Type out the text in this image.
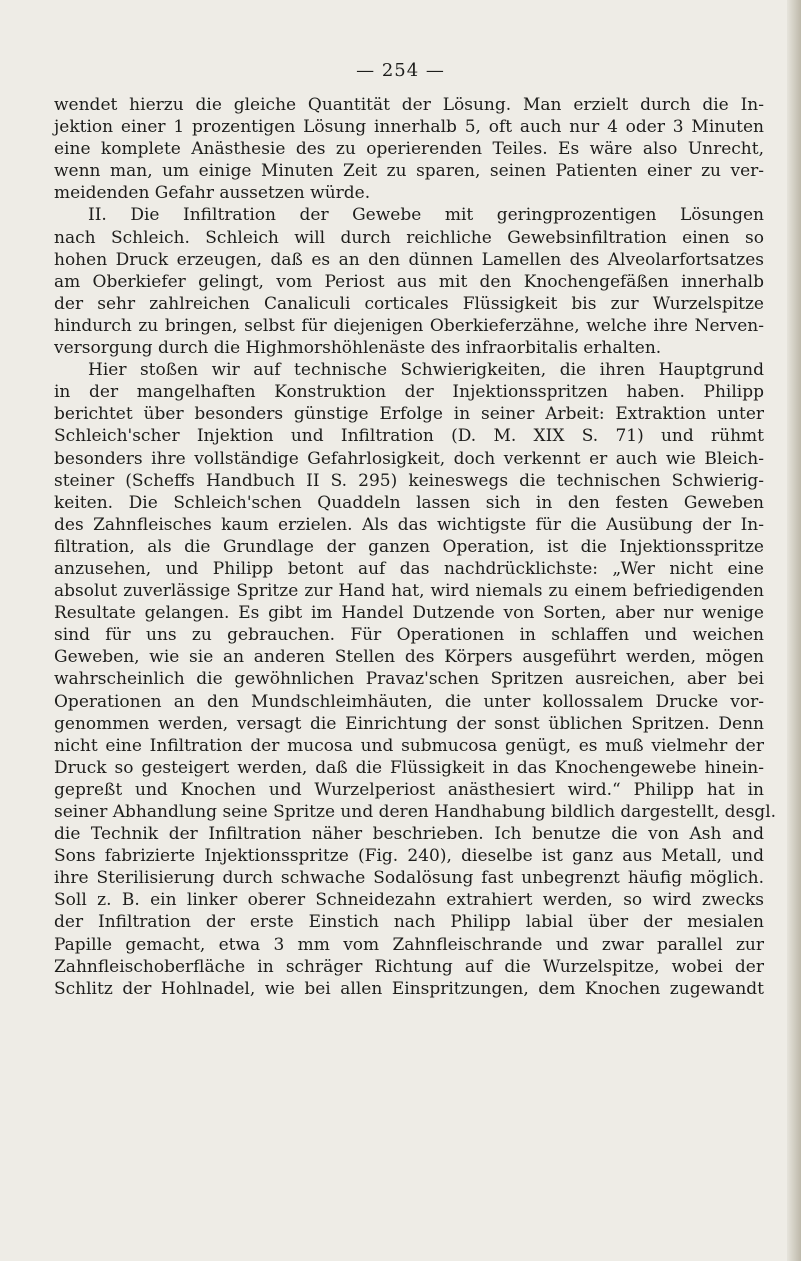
— 254 —
wendet hierzu die gleiche Quantität der Lösung. Man erzielt durch die In-
jektion einer 1 prozentigen Lösung innerhalb 5, oft auch nur 4 oder 3 Minuten
eine komplete Anästhesie des zu operierenden Teiles. Es wäre also Unrecht,
wenn man, um einige Minuten Zeit zu sparen, seinen Patienten einer zu ver-
meidenden Gefahr aussetzen würde.
II. Die Infiltration der Gewebe mit geringprozentigen Lösungen
nach Schleich. Schleich will durch reichliche Gewebsinfiltration einen so
hohen Druck erzeugen, daß es an den dünnen Lamellen des Alveolarfortsatzes
am Oberkiefer gelingt, vom Periost aus mit den Knochengefäßen innerhalb
der sehr zahlreichen Canaliculi corticales Flüssigkeit bis zur Wurzelspitze
hindurch zu bringen, selbst für diejenigen Oberkieferzähne, welche ihre Nerven-
versorgung durch die Highmorshöhlenäste des infraorbitalis erhalten.
Hier stoßen wir auf technische Schwierigkeiten, die ihren Hauptgrund
in der mangelhaften Konstruktion der Injektionsspritzen haben. Philipp
berichtet über besonders günstige Erfolge in seiner Arbeit: Extraktion unter
Schleich'scher Injektion und Infiltration (D. M. XIX S. 71) und rühmt
besonders ihre vollständige Gefahrlosigkeit, doch verkennt er auch wie Bleich-
steiner (Scheffs Handbuch II S. 295) keineswegs die technischen Schwierig-
keiten. Die Schleich'schen Quaddeln lassen sich in den festen Geweben
des Zahnfleisches kaum erzielen. Als das wichtigste für die Ausübung der In-
filtration, als die Grundlage der ganzen Operation, ist die Injektionsspritze
anzusehen, und Philipp betont auf das nachdrücklichste: „Wer nicht eine
absolut zuverlässige Spritze zur Hand hat, wird niemals zu einem befriedigenden
Resultate gelangen. Es gibt im Handel Dutzende von Sorten, aber nur wenige
sind für uns zu gebrauchen. Für Operationen in schlaffen und weichen
Geweben, wie sie an anderen Stellen des Körpers ausgeführt werden, mögen
wahrscheinlich die gewöhnlichen Pravaz'schen Spritzen ausreichen, aber bei
Operationen an den Mundschleimhäuten, die unter kollossalem Drucke vor-
genommen werden, versagt die Einrichtung der sonst üblichen Spritzen. Denn
nicht eine Infiltration der mucosa und submucosa genügt, es muß vielmehr der
Druck so gesteigert werden, daß die Flüssigkeit in das Knochengewebe hinein-
gepreßt und Knochen und Wurzelperiost anästhesiert wird.“ Philipp hat in
seiner Abhandlung seine Spritze und deren Handhabung bildlich dargestellt, desgl.
die Technik der Infiltration näher beschrieben. Ich benutze die von Ash and
Sons fabrizierte Injektionsspritze (Fig. 240), dieselbe ist ganz aus Metall, und
ihre Sterilisierung durch schwache Sodalösung fast unbegrenzt häufig möglich.
Soll z. B. ein linker oberer Schneidezahn extrahiert werden, so wird zwecks
der Infiltration der erste Einstich nach Philipp labial über der mesialen
Papille gemacht, etwa 3 mm vom Zahnfleischrande und zwar parallel zur
Zahnfleischoberfläche in schräger Richtung auf die Wurzelspitze, wobei der
Schlitz der Hohlnadel, wie bei allen Einspritzungen, dem Knochen zugewandt
